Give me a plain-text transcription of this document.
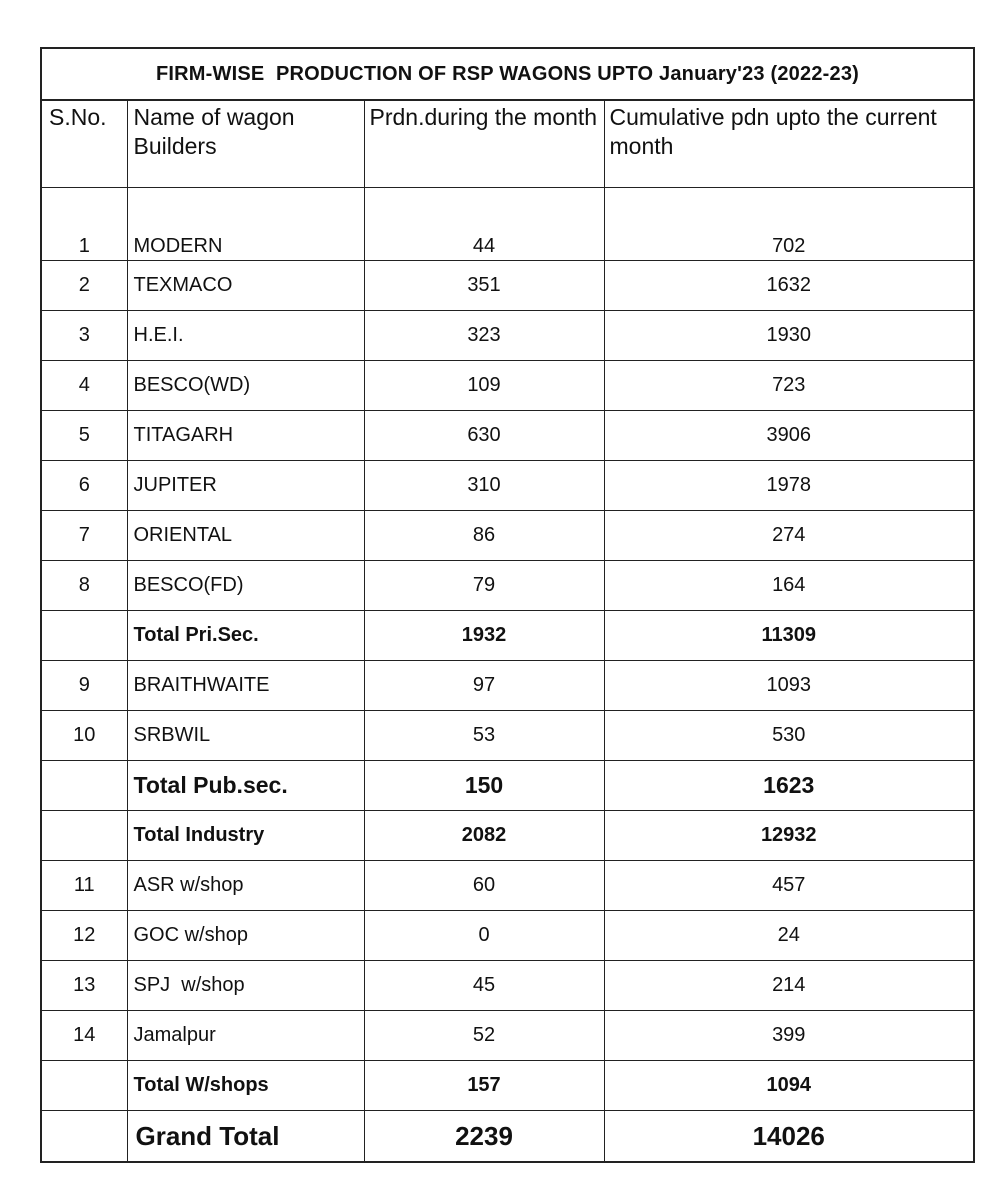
FIRM-WISE  PRODUCTION OF RSP WAGONS UPTO January'23 (2022-23)
S.No.	Name of wagon Builders	Prdn.during the month	Cumulative pdn upto the current month
1	MODERN	44	702
2	TEXMACO	351	1632
3	H.E.I.	323	1930
4	BESCO(WD)	109	723
5	TITAGARH	630	3906
6	JUPITER	310	1978
7	ORIENTAL	86	274
8	BESCO(FD)	79	164
	Total Pri.Sec.	1932	11309
9	BRAITHWAITE	97	1093
10	SRBWIL	53	530
	Total Pub.sec.	150	1623
	Total Industry	2082	12932
11	ASR w/shop	60	457
12	GOC w/shop	0	24
13	SPJ  w/shop	45	214
14	Jamalpur	52	399
	Total W/shops	157	1094
	Grand Total	2239	14026
